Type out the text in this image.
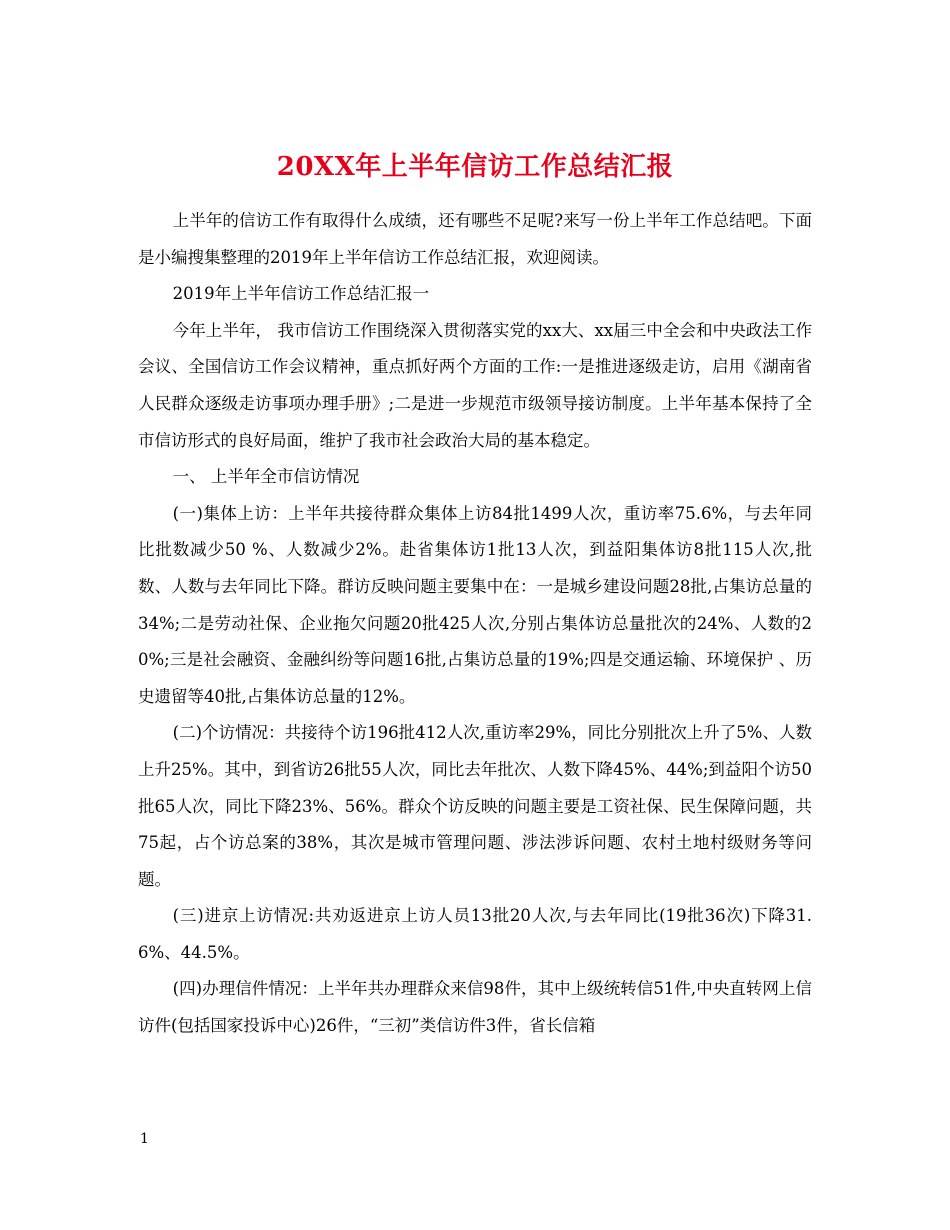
20XX年上半年信访工作总结汇报

上半年的信访工作有取得什么成绩，还有哪些不足呢?来写一份上半年工作总结吧。下面是小编搜集整理的2019年上半年信访工作总结汇报，欢迎阅读。

2019年上半年信访工作总结汇报一

今年上半年， 我市信访工作围绕深入贯彻落实党的xx大、xx届三中全会和中央政法工作会议、全国信访工作会议精神，重点抓好两个方面的工作:一是推进逐级走访，启用《湖南省人民群众逐级走访事项办理手册》;二是进一步规范市级领导接访制度。上半年基本保持了全市信访形式的良好局面，维护了我市社会政治大局的基本稳定。

一、 上半年全市信访情况

(一)集体上访：上半年共接待群众集体上访84批1499人次，重访率75.6%，与去年同比批数减少50 %、人数减少2%。赴省集体访1批13人次，到益阳集体访8批115人次,批数、人数与去年同比下降。群访反映问题主要集中在：一是城乡建设问题28批,占集访总量的34%;二是劳动社保、企业拖欠问题20批425人次,分别占集体访总量批次的24%、人数的20%;三是社会融资、金融纠纷等问题16批,占集访总量的19%;四是交通运输、环境保护 、历史遗留等40批,占集体访总量的12%。

(二)个访情况：共接待个访196批412人次,重访率29%，同比分别批次上升了5%、人数上升25%。其中，到省访26批55人次，同比去年批次、人数下降45%、44%;到益阳个访50批65人次，同比下降23%、56%。群众个访反映的问题主要是工资社保、民生保障问题，共75起，占个访总案的38%，其次是城市管理问题、涉法涉诉问题、农村土地村级财务等问题。

(三)进京上访情况:共劝返进京上访人员13批20人次,与去年同比(19批36次)下降31.6%、44.5%。

(四)办理信件情况：上半年共办理群众来信98件，其中上级统转信51件,中央直转网上信访件(包括国家投诉中心)26件，“三初”类信访件3件，省长信箱

1
